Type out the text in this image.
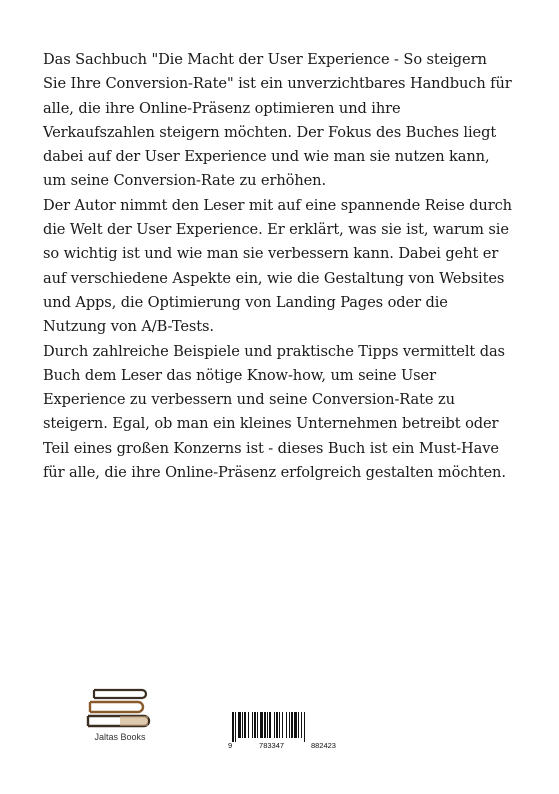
Das Sachbuch "Die Macht der User Experience - So steigern Sie Ihre Conversion-Rate" ist ein unverzichtbares Handbuch für alle, die ihre Online-Präsenz optimieren und ihre Verkaufszahlen steigern möchten. Der Fokus des Buches liegt dabei auf der User Experience und wie man sie nutzen kann, um seine Conversion-Rate zu erhöhen.

Der Autor nimmt den Leser mit auf eine spannende Reise durch die Welt der User Experience. Er erklärt, was sie ist, warum sie so wichtig ist und wie man sie verbessern kann. Dabei geht er auf verschiedene Aspekte ein, wie die Gestaltung von Websites und Apps, die Optimierung von Landing Pages oder die Nutzung von A/B-Tests.

Durch zahlreiche Beispiele und praktische Tipps vermittelt das Buch dem Leser das nötige Know-how, um seine User Experience zu verbessern und seine Conversion-Rate zu steigern. Egal, ob man ein kleines Unternehmen betreibt oder Teil eines großen Konzerns ist - dieses Buch ist ein Must-Have für alle, die ihre Online-Präsenz erfolgreich gestalten möchten.

Jaltas Books
9	783347	882423
